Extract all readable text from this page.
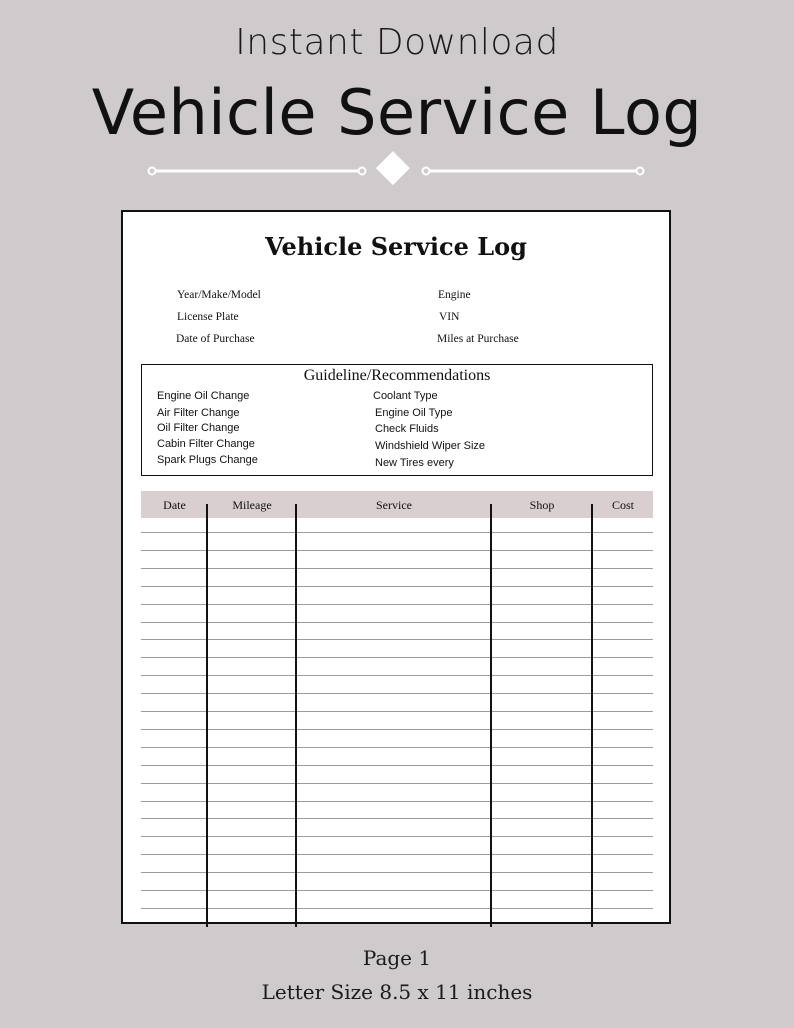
Instant Download
Vehicle Service Log
Vehicle Service Log
Year/Make/Model	Engine
License Plate	VIN
Date of Purchase	Miles at Purchase
Guideline/Recommendations
Engine Oil Change
Air Filter Change
Oil Filter Change
Cabin Filter Change
Spark Plugs Change
Coolant Type
Engine Oil Type
Check Fluids
Windshield Wiper Size
New Tires every
Date	Mileage	Service	Shop	Cost
Page 1
Letter Size 8.5 x 11 inches
